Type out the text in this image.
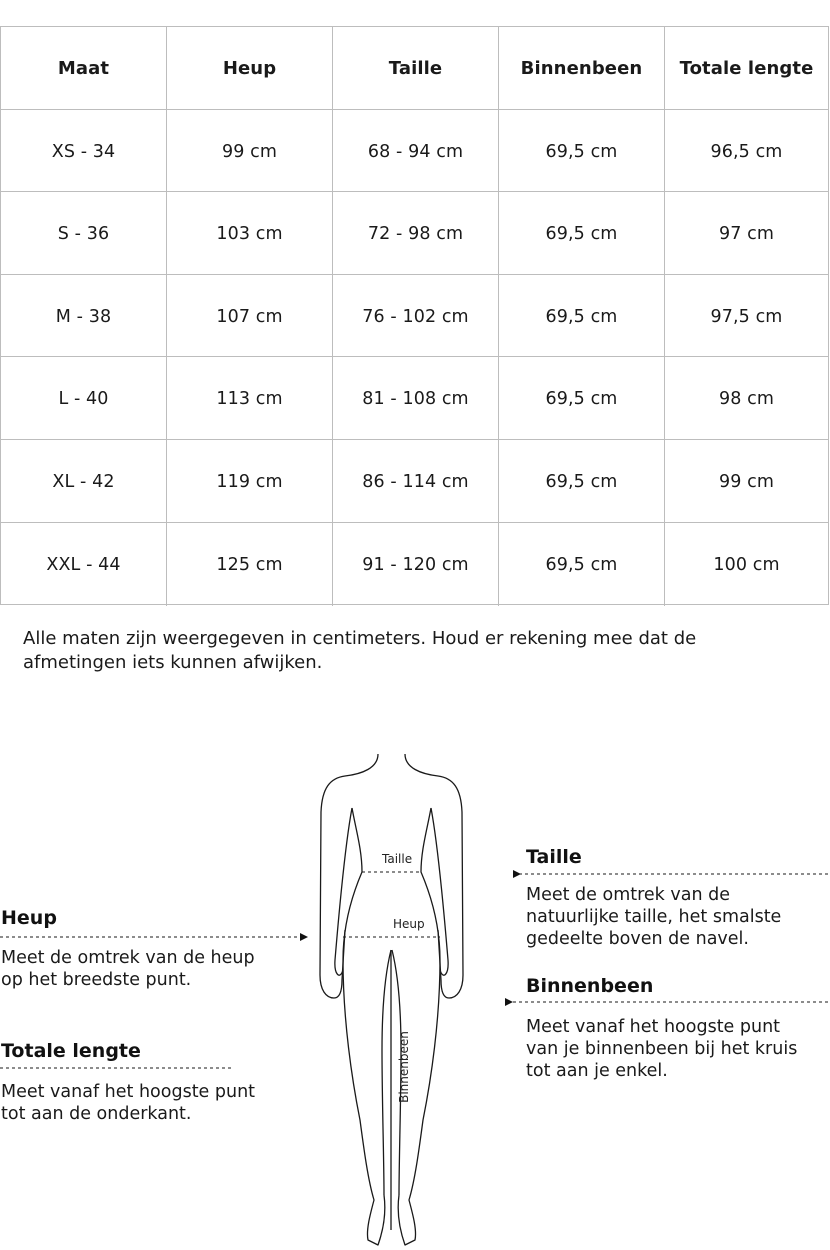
Maat	Heup	Taille	Binnenbeen	Totale lengte
XS - 34	99 cm	68 - 94 cm	69,5 cm	96,5 cm
S - 36	103 cm	72 - 98 cm	69,5 cm	97 cm
M - 38	107 cm	76 - 102 cm	69,5 cm	97,5 cm
L - 40	113 cm	81 - 108 cm	69,5 cm	98 cm
XL - 42	119 cm	86 - 114 cm	69,5 cm	99 cm
XXL - 44	125 cm	91 - 120 cm	69,5 cm	100 cm
Alle maten zijn weergegeven in centimeters. Houd er rekening mee dat de
afmetingen iets kunnen afwijken.
Taille
Heup
Binnenbeen
Heup
Meet de omtrek van de heup
op het breedste punt.
Totale lengte
Meet vanaf het hoogste punt
tot aan de onderkant.
Taille
Meet de omtrek van de
natuurlijke taille, het smalste
gedeelte boven de navel.
Binnenbeen
Meet vanaf het hoogste punt
van je binnenbeen bij het kruis
tot aan je enkel.
